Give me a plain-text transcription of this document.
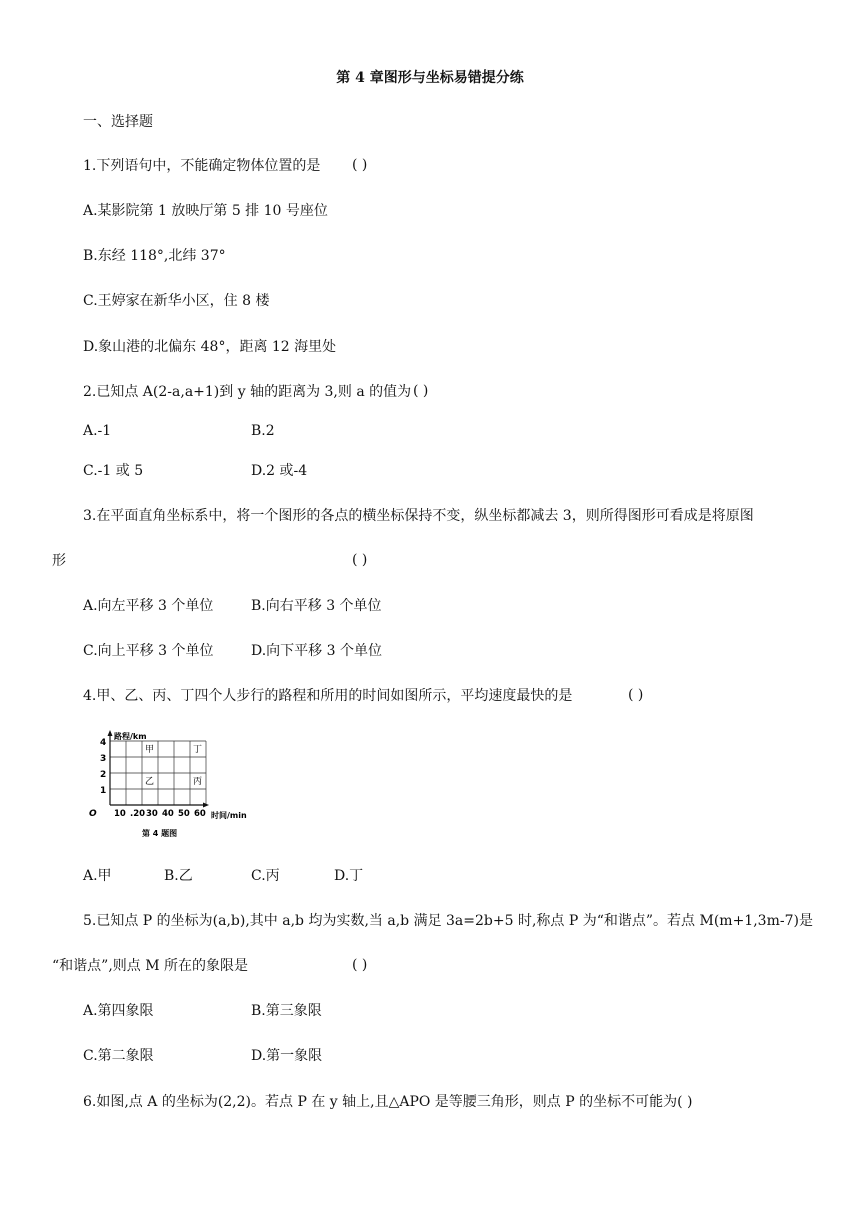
第 4 章图形与坐标易错提分练
一、选择题
1.下列语句中，不能确定物体位置的是 ( )
A.某影院第 1 放映厅第 5 排 10 号座位
B.东经 118°,北纬 37°
C.王婷家在新华小区，住 8 楼
D.象山港的北偏东 48°，距离 12 海里处
2.已知点 A(2-a,a+1)到 y 轴的距离为 3,则 a 的值为 ( )
A.-1	B.2
C.-1 或 5	D.2 或-4
3.在平面直角坐标系中，将一个图形的各点的横坐标保持不变，纵坐标都减去 3，则所得图形可看成是将原图
形	( )
A.向左平移 3 个单位	B.向右平移 3 个单位
C.向上平移 3 个单位	D.向下平移 3 个单位
4.甲、乙、丙、丁四个人步行的路程和所用的时间如图所示，平均速度最快的是	( )
路程/km
时间/min
O
1
2
3
4
10 .20 30 40 50 60
甲	丁
乙	丙
第 4 题图
A.甲	B.乙	C.丙	D.丁
5.已知点 P 的坐标为(a,b),其中 a,b 均为实数,当 a,b 满足 3a=2b+5 时,称点 P 为“和谐点”。若点 M(m+1,3m-7)是
“和谐点”,则点 M 所在的象限是	( )
A.第四象限	B.第三象限
C.第二象限	D.第一象限
6.如图,点 A 的坐标为(2,2)。若点 P 在 y 轴上,且△APO 是等腰三角形，则点 P 的坐标不可能为( )
